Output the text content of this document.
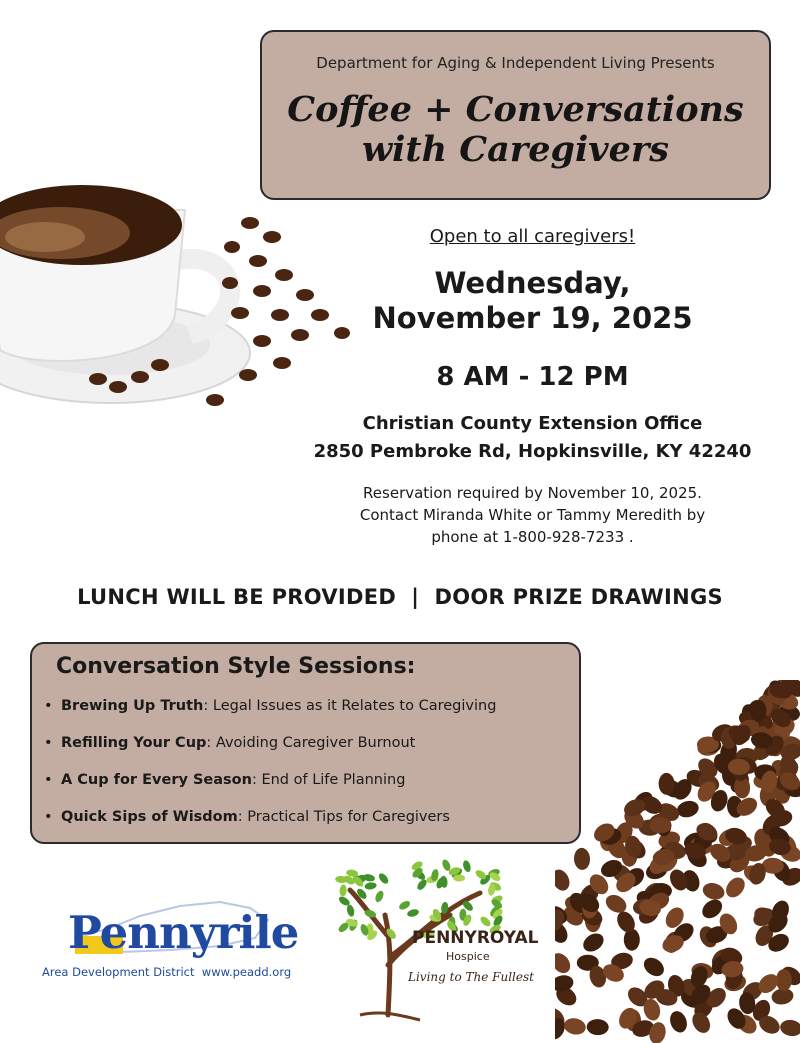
Department for Aging & Independent Living Presents
Coffee + Conversations
with Caregivers
Open to all caregivers!
Wednesday,
November 19, 2025
8 AM - 12 PM
Christian County Extension Office
2850 Pembroke Rd, Hopkinsville, KY 42240
Reservation required by November 10, 2025.
Contact Miranda White or Tammy Meredith by
phone at 1-800-928-7233 .
LUNCH WILL BE PROVIDED  |  DOOR PRIZE DRAWINGS
Conversation Style Sessions:
• Brewing Up Truth: Legal Issues as it Relates to Caregiving
• Refilling Your Cup: Avoiding Caregiver Burnout
• A Cup for Every Season: End of Life Planning
• Quick Sips of Wisdom: Practical Tips for Caregivers
Pennyrile
Area Development District  www.peadd.org
PENNYROYAL
Hospice
Living to The Fullest
